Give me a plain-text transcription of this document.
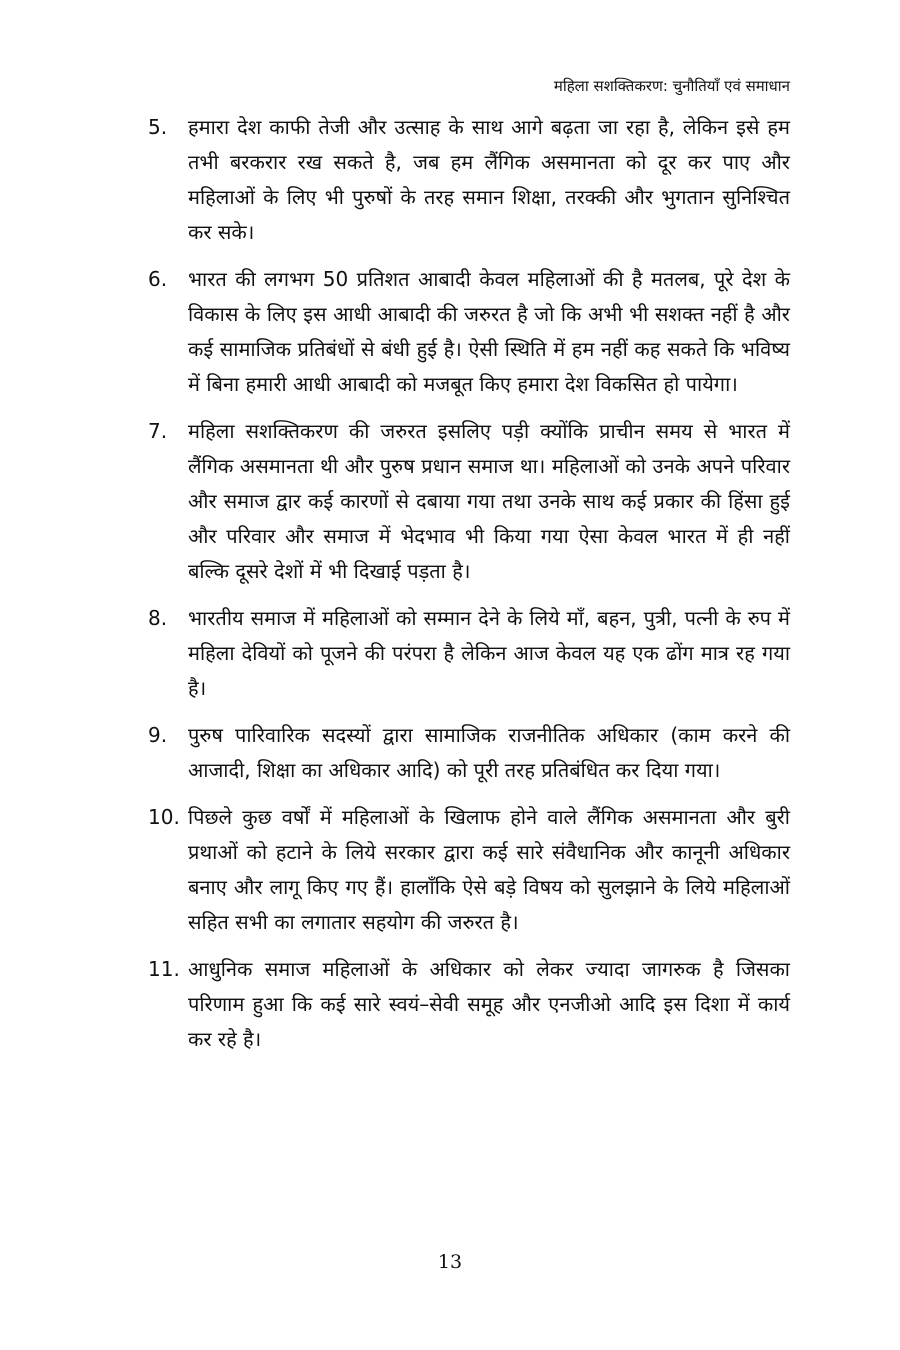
महिला सशक्तिकरण: चुनौतियाँ एवं समाधान
5.	हमारा देश काफी तेजी और उत्साह के साथ आगे बढ़ता जा रहा है, लेकिन इसे हम तभी बरकरार रख सकते है, जब हम लैंगिक असमानता को दूर कर पाए और महिलाओं के लिए भी पुरुषों के तरह समान शिक्षा, तरक्की और भुगतान सुनिश्चित कर सके।
6.	भारत की लगभग 50 प्रतिशत आबादी केवल महिलाओं की है मतलब, पूरे देश के विकास के लिए इस आधी आबादी की जरुरत है जो कि अभी भी सशक्त नहीं है और कई सामाजिक प्रतिबंधों से बंधी हुई है। ऐसी स्थिति में हम नहीं कह सकते कि भविष्य में बिना हमारी आधी आबादी को मजबूत किए हमारा देश विकसित हो पायेगा।
7.	महिला सशक्तिकरण की जरुरत इसलिए पड़ी क्योंकि प्राचीन समय से भारत में लैंगिक असमानता थी और पुरुष प्रधान समाज था। महिलाओं को उनके अपने परिवार और समाज द्वार कई कारणों से दबाया गया तथा उनके साथ कई प्रकार की हिंसा हुई और परिवार और समाज में भेदभाव भी किया गया ऐसा केवल भारत में ही नहीं बल्कि दूसरे देशों में भी दिखाई पड़ता है।
8.	भारतीय समाज में महिलाओं को सम्मान देने के लिये माँ, बहन, पुत्री, पत्नी के रुप में महिला देवियों को पूजने की परंपरा है लेकिन आज केवल यह एक ढोंग मात्र रह गया है।
9.	पुरुष पारिवारिक सदस्यों द्वारा सामाजिक राजनीतिक अधिकार (काम करने की आजादी, शिक्षा का अधिकार आदि) को पूरी तरह प्रतिबंधित कर दिया गया।
10. पिछले कुछ वर्षों में महिलाओं के खिलाफ होने वाले लैंगिक असमानता और बुरी प्रथाओं को हटाने के लिये सरकार द्वारा कई सारे संवैधानिक और कानूनी अधिकार बनाए और लागू किए गए हैं। हालाँकि ऐसे बड़े विषय को सुलझाने के लिये महिलाओं सहित सभी का लगातार सहयोग की जरुरत है।
11. आधुनिक समाज महिलाओं के अधिकार को लेकर ज्यादा जागरुक है जिसका परिणाम हुआ कि कई सारे स्वयं–सेवी समूह और एनजीओ आदि इस दिशा में कार्य कर रहे है।
13
